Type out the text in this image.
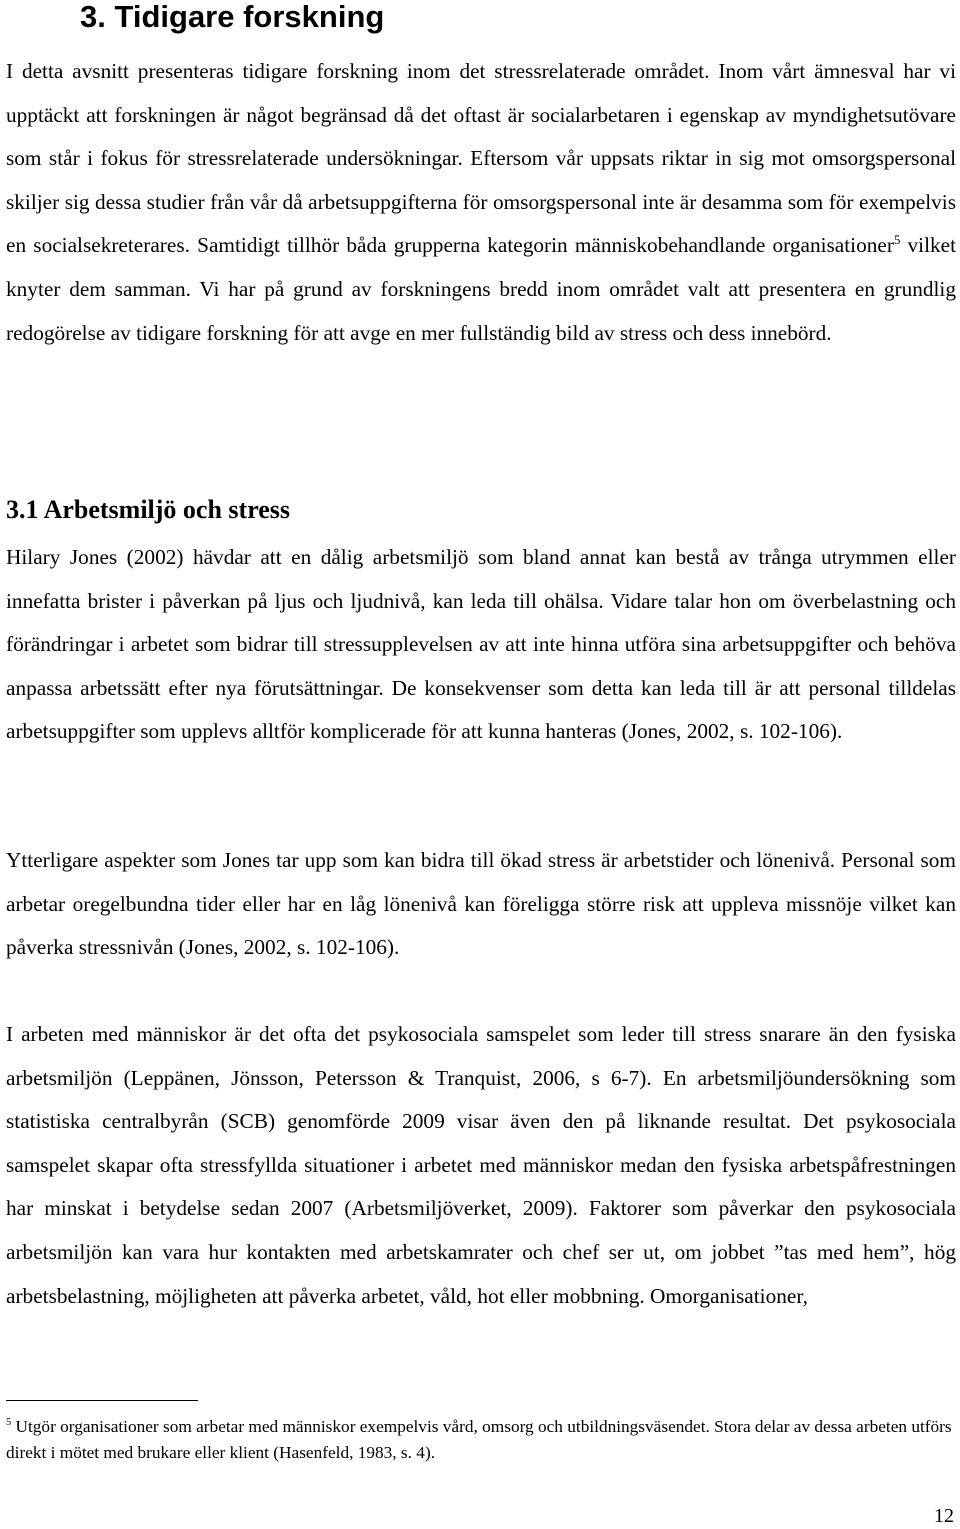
3. Tidigare forskning

I detta avsnitt presenteras tidigare forskning inom det stressrelaterade området. Inom vårt ämnesval har vi upptäckt att forskningen är något begränsad då det oftast är socialarbetaren i egenskap av myndighetsutövare som står i fokus för stressrelaterade undersökningar. Eftersom vår uppsats riktar in sig mot omsorgspersonal skiljer sig dessa studier från vår då arbetsuppgifterna för omsorgspersonal inte är desamma som för exempelvis en socialsekreterares. Samtidigt tillhör båda grupperna kategorin människobehandlande organisationer$^5$ vilket knyter dem samman. Vi har på grund av forskningens bredd inom området valt att presentera en grundlig redogörelse av tidigare forskning för att avge en mer fullständig bild av stress och dess innebörd.

3.1 Arbetsmiljö och stress

Hilary Jones (2002) hävdar att en dålig arbetsmiljö som bland annat kan bestå av trånga utrymmen eller innefatta brister i påverkan på ljus och ljudnivå, kan leda till ohälsa. Vidare talar hon om överbelastning och förändringar i arbetet som bidrar till stressupplevelsen av att inte hinna utföra sina arbetsuppgifter och behöva anpassa arbetssätt efter nya förutsättningar. De konsekvenser som detta kan leda till är att personal tilldelas arbetsuppgifter som upplevs alltför komplicerade för att kunna hanteras (Jones, 2002, s. 102-106).

Ytterligare aspekter som Jones tar upp som kan bidra till ökad stress är arbetstider och lönenivå. Personal som arbetar oregelbundna tider eller har en låg lönenivå kan föreligga större risk att uppleva missnöje vilket kan påverka stressnivån (Jones, 2002, s. 102-106).

I arbeten med människor är det ofta det psykosociala samspelet som leder till stress snarare än den fysiska arbetsmiljön (Leppänen, Jönsson, Petersson & Tranquist, 2006, s 6-7). En arbetsmiljöundersökning som statistiska centralbyrån (SCB) genomförde 2009 visar även den på liknande resultat. Det psykosociala samspelet skapar ofta stressfyllda situationer i arbetet med människor medan den fysiska arbetspåfrestningen har minskat i betydelse sedan 2007 (Arbetsmiljöverket, 2009). Faktorer som påverkar den psykosociala arbetsmiljön kan vara hur kontakten med arbetskamrater och chef ser ut, om jobbet ”tas med hem”, hög arbetsbelastning, möjligheten att påverka arbetet, våld, hot eller mobbning. Omorganisationer,

$^5$ Utgör organisationer som arbetar med människor exempelvis vård, omsorg och utbildningsväsendet. Stora delar av dessa arbeten utförs direkt i mötet med brukare eller klient (Hasenfeld, 1983, s. 4).

12
